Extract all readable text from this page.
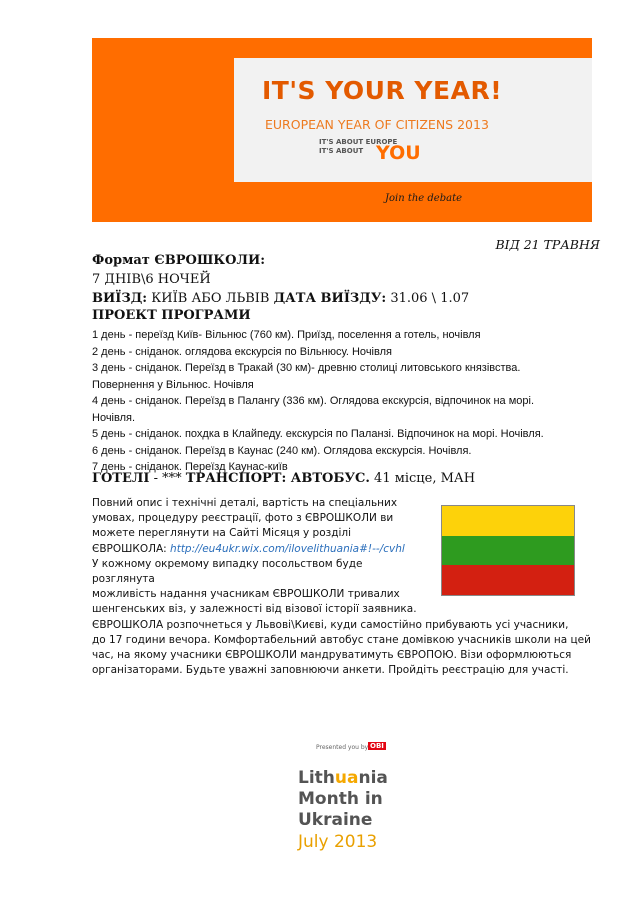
IT'S YOUR YEAR!
EUROPEAN YEAR OF CITIZENS 2013
IT'S ABOUT EUROPE
IT'S ABOUT YOU
Join the debate
ВІД 21 ТРАВНЯ
Формат ЄВРОШКОЛИ:
7 ДНІВ\6 НОЧЕЙ
ВИЇЗД: КИЇВ АБО ЛЬВІВ ДАТА ВИЇЗДУ: 31.06 \ 1.07
ПРОЕКТ ПРОГРАМИ
1 день - переїзд Київ- Вільнюс (760 км). Приїзд, поселення а готель, ночівля
2 день - сніданок. оглядова екскурсія по Вільнюсу. Ночівля
3 день - сніданок. Переїзд в Тракай (30 км)- древню столиці литовського князівства.
Повернення у Вільнюс. Ночівля
4 день - сніданок. Переїзд в Палангу (336 км). Оглядова екскурсія, відпочинок на морі.
Ночівля.
5 день - сніданок. похдка в Клайпеду. екскурсія по Паланзі. Відпочинок на морі. Ночівля.
6 день - сніданок. Переїзд в Каунас (240 км). Оглядова екскурсія. Ночівля.
7 день - сніданок. Переїзд Каунас-київ
ГОТЕЛІ - *** ТРАНСПОРТ: АВТОБУС. 41 місце, МАН
Повний опис і технічні деталі, вартість на спеціальних
умовах, процедуру реєстрації, фото з ЄВРОШКОЛИ ви
можете переглянути на Сайті Місяця у розділі
ЄВРОШКОЛА: http://eu4ukr.wix.com/ilovelithuania#!--/cvhl
У кожному окремому випадку посольством буде розглянута
можливість надання учасникам ЄВРОШКОЛИ тривалих
шенгенських віз, у залежності від візової історії заявника.
ЄВРОШКОЛА розпочнеться у Львові\Києві, куди самостійно прибувають усі учасники,
до 17 години вечора. Комфортабельний автобус стане домівкою учасників школи на цей
час, на якому учасники ЄВРОШКОЛИ мандруватимуть ЄВРОПОЮ. Візи оформлюються
організаторами. Будьте уважні заповнюючи анкети. Пройдіть реєстрацію для участі.
Presented you by OBI
Lithuania
Month in
Ukraine
July 2013
